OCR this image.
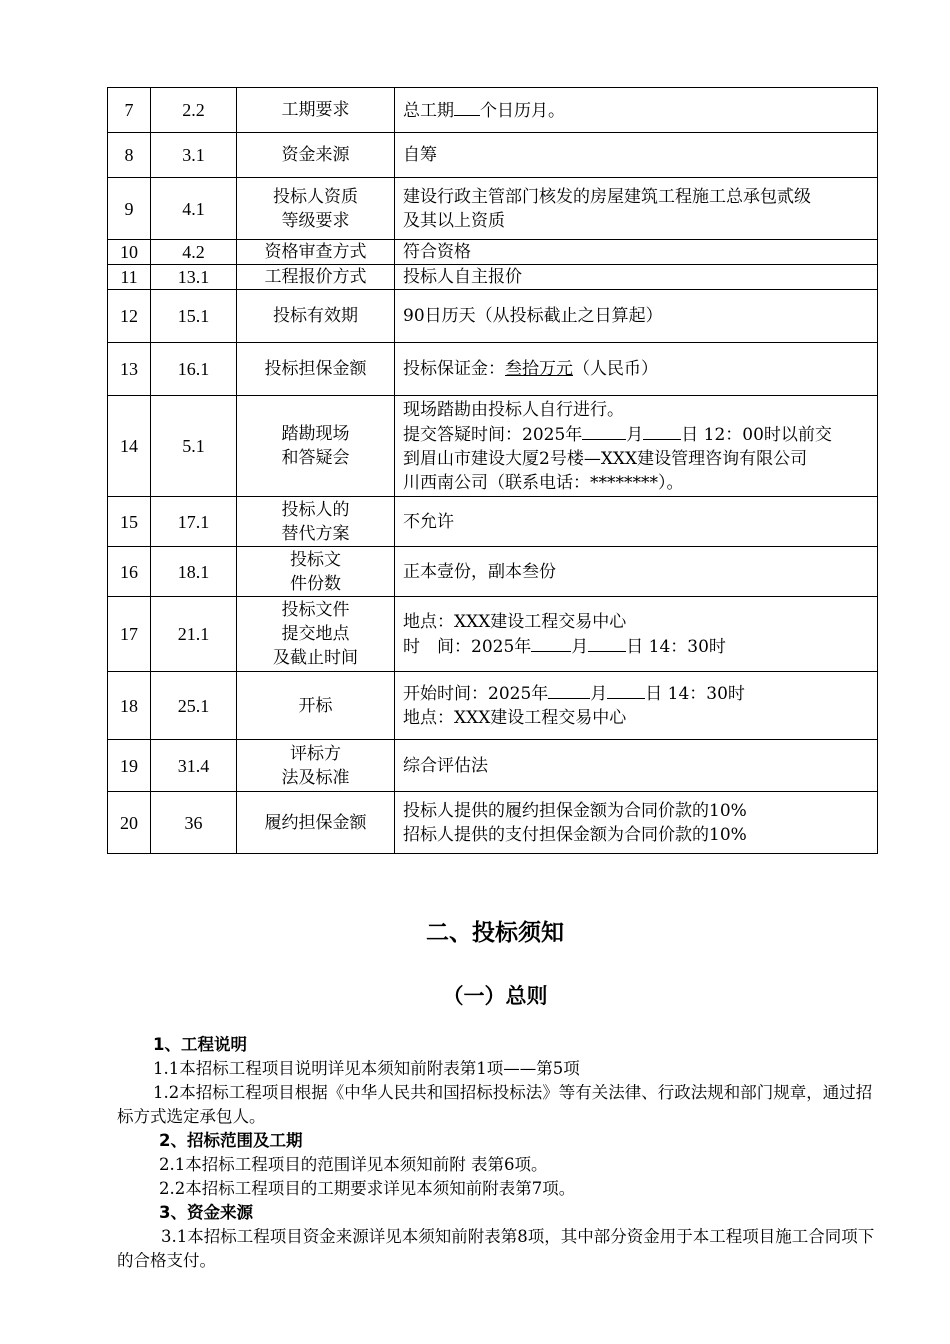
7	2.2	工期要求	总工期 个日历月。

8	3.1	资金来源	自筹

9	4.1	投标人资质
等级要求	建设行政主管部门核发的房屋建筑工程施工总承包贰级
及其以上资质

10	4.2	资格审查方式	符合资格

11	13.1	工程报价方式	投标人自主报价

12	15.1	投标有效期	90日历天（从投标截止之日算起）

13	16.1	投标担保金额	投标保证金：叁拾万元（人民币）

14	5.1	踏勘现场
和答疑会	现场踏勘由投标人自行进行。
提交答疑时间：2025年 月 日 12：00时以前交
到眉山市建设大厦2号楼—XXX建设管理咨询有限公司
川西南公司（联系电话：********）。

15	17.1	投标人的
替代方案	不允许

16	18.1	投标文
件份数	正本壹份，副本叁份

17	21.1	投标文件
提交地点
及截止时间	地点：XXX建设工程交易中心
时　间：2025年 月 日 14：30时

18	25.1	开标	开始时间：2025年 月 日 14：30时
地点：XXX建设工程交易中心

19	31.4	评标方
法及标准	综合评估法

20	36	履约担保金额	投标人提供的履约担保金额为合同价款的10%
招标人提供的支付担保金额为合同价款的10%
二、投标须知
（一）总则

1、工程说明

1.1本招标工程项目说明详见本须知前附表第1项——第5项

1.2本招标工程项目根据《中华人民共和国招标投标法》等有关法律、行政法规和部门规章，通过招标方式选定承包人。

2、招标范围及工期

2.1本招标工程项目的范围详见本须知前附 表第6项。

2.2本招标工程项目的工期要求详见本须知前附表第7项。

3、资金来源

3.1本招标工程项目资金来源详见本须知前附表第8项，其中部分资金用于本工程项目施工合同项下的合格支付。
